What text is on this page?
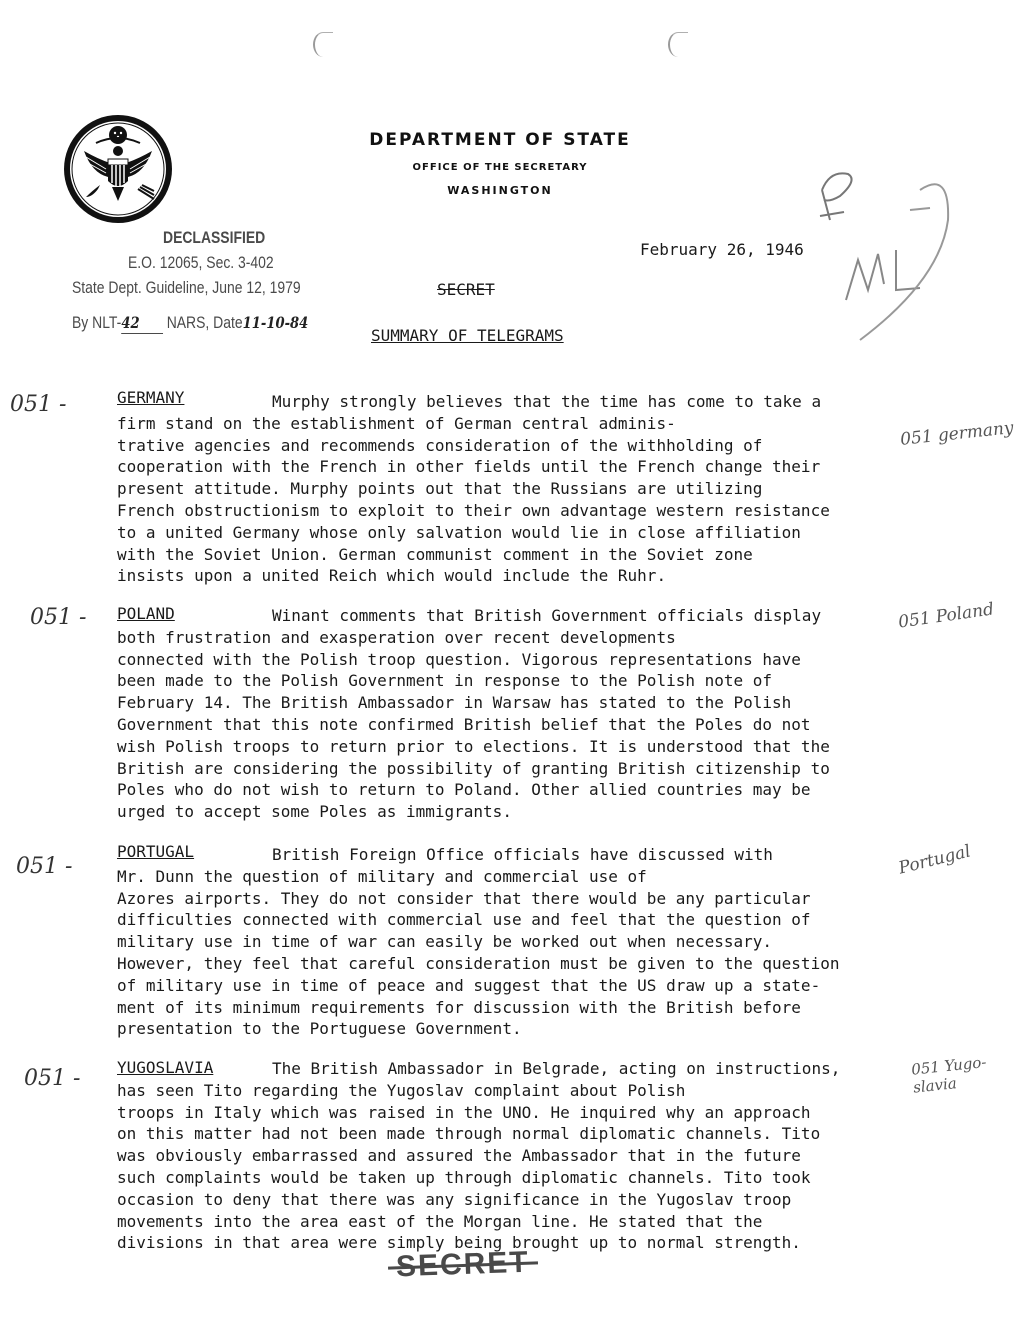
DEPARTMENT OF STATE
OFFICE OF THE SECRETARY
WASHINGTON
DECLASSIFIED
E.O. 12065, Sec. 3-402
State Dept. Guideline, June 12, 1979
By NLT-42 NARS, Date11-10-84
February 26, 1946
SECRET
SUMMARY OF TELEGRAMS
051 -	GERMANY	Murphy strongly believes that the time has come to take a
firm stand on the establishment of German central adminis-
trative agencies and recommends consideration of the withholding of
cooperation with the French in other fields until the French change their
present attitude. Murphy points out that the Russians are utilizing
French obstructionism to exploit to their own advantage western resistance
to a united Germany whose only salvation would lie in close affiliation
with the Soviet Union. German communist comment in the Soviet zone
insists upon a united Reich which would include the Ruhr.
051 germany
051 - POLAND	Winant comments that British Government officials display
both frustration and exasperation over recent developments
connected with the Polish troop question. Vigorous representations have
been made to the Polish Government in response to the Polish note of
February 14. The British Ambassador in Warsaw has stated to the Polish
Government that this note confirmed British belief that the Poles do not
wish Polish troops to return prior to elections. It is understood that the
British are considering the possibility of granting British citizenship to
Poles who do not wish to return to Poland. Other allied countries may be
urged to accept some Poles as immigrants.
051 Poland
051 -
PORTUGAL	British Foreign Office officials have discussed with
Mr. Dunn the question of military and commercial use of
Azores airports. They do not consider that there would be any particular
difficulties connected with commercial use and feel that the question of
military use in time of war can easily be worked out when necessary.
However, they feel that careful consideration must be given to the question
of military use in time of peace and suggest that the US draw up a state-
ment of its minimum requirements for discussion with the British before
presentation to the Portuguese Government.
Portugal
051 - YUGOSLAVIA	The British Ambassador in Belgrade, acting on instructions,
has seen Tito regarding the Yugoslav complaint about Polish
troops in Italy which was raised in the UNO. He inquired why an approach
on this matter had not been made through normal diplomatic channels. Tito
was obviously embarrassed and assured the Ambassador that in the future
such complaints would be taken up through diplomatic channels. Tito took
occasion to deny that there was any significance in the Yugoslav troop
movements into the area east of the Morgan line. He stated that the
divisions in that area were simply being brought up to normal strength.
051 Yugo-slavia
SECRET
